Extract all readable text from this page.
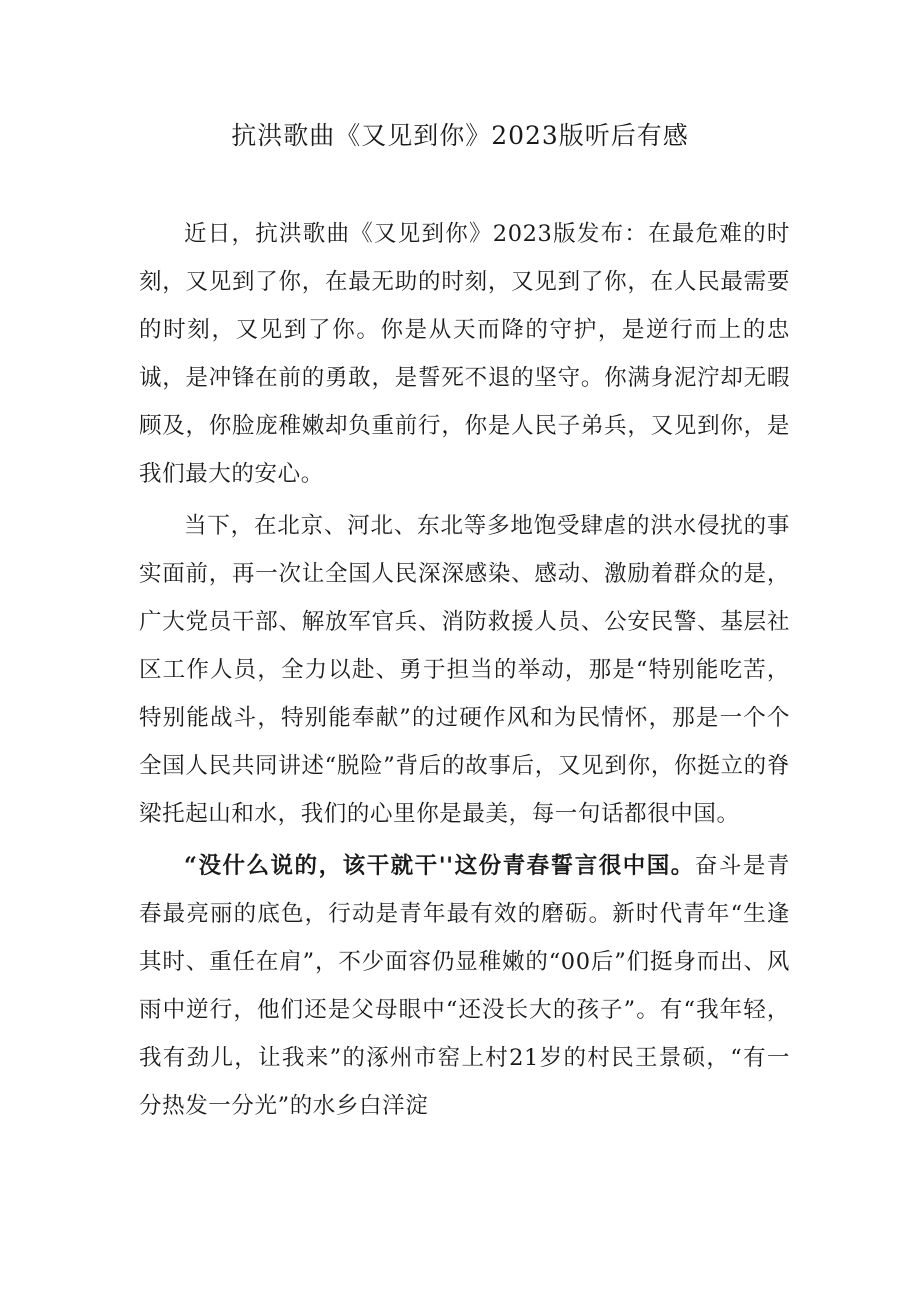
抗洪歌曲《又见到你》2023版听后有感

近日，抗洪歌曲《又见到你》2023版发布：在最危难的时刻，又见到了你，在最无助的时刻，又见到了你，在人民最需要的时刻，又见到了你。你是从天而降的守护，是逆行而上的忠诚，是冲锋在前的勇敢，是誓死不退的坚守。你满身泥泞却无暇顾及，你脸庞稚嫩却负重前行，你是人民子弟兵，又见到你，是我们最大的安心。

当下，在北京、河北、东北等多地饱受肆虐的洪水侵扰的事实面前，再一次让全国人民深深感染、感动、激励着群众的是，广大党员干部、解放军官兵、消防救援人员、公安民警、基层社区工作人员，全力以赴、勇于担当的举动，那是“特别能吃苦，特别能战斗，特别能奉献”的过硬作风和为民情怀，那是一个个全国人民共同讲述“脱险”背后的故事后，又见到你，你挺立的脊梁托起山和水，我们的心里你是最美，每一句话都很中国。

“没什么说的，该干就干''这份青春誓言很中国。奋斗是青春最亮丽的底色，行动是青年最有效的磨砺。新时代青年“生逢其时、重任在肩”，不少面容仍显稚嫩的“00后”们挺身而出、风雨中逆行，他们还是父母眼中“还没长大的孩子”。有“我年轻，我有劲儿，让我来”的涿州市窑上村21岁的村民王景硕，“有一分热发一分光”的水乡白洋淀
